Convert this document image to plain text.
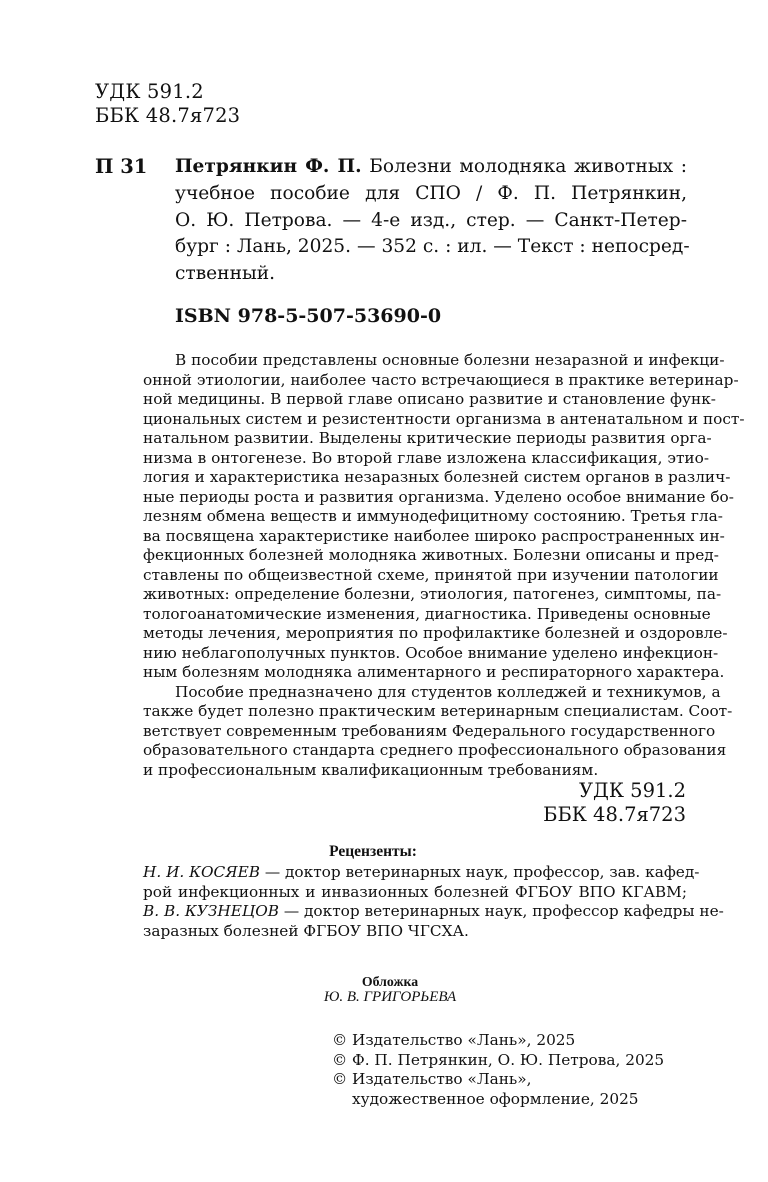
УДК 591.2
ББК 48.7я723
П 31 Петрянкин Ф. П. Болезни молодняка животных :
учебное пособие для СПО / Ф. П. Петрянкин,
О. Ю. Петрова. — 4-е изд., стер. — Санкт-Петер-
бург : Лань, 2025. — 352 с. : ил. — Текст : непосред-
ственный.
ISBN 978-5-507-53690-0
В пособии представлены основные болезни незаразной и инфекци-
онной этиологии, наиболее часто встречающиеся в практике ветеринар-
ной медицины. В первой главе описано развитие и становление функ-
циональных систем и резистентности организма в антенатальном и пост-
натальном развитии. Выделены критические периоды развития орга-
низма в онтогенезе. Во второй главе изложена классификация, этио-
логия и характеристика незаразных болезней систем органов в различ-
ные периоды роста и развития организма. Уделено особое внимание бо-
лезням обмена веществ и иммунодефицитному состоянию. Третья гла-
ва посвящена характеристике наиболее широко распространенных ин-
фекционных болезней молодняка животных. Болезни описаны и пред-
ставлены по общеизвестной схеме, принятой при изучении патологии
животных: определение болезни, этиология, патогенез, симптомы, па-
тологоанатомические изменения, диагностика. Приведены основные
методы лечения, мероприятия по профилактике болезней и оздоровле-
нию неблагополучных пунктов. Особое внимание уделено инфекцион-
ным болезням молодняка алиментарного и респираторного характера.
Пособие предназначено для студентов колледжей и техникумов, а
также будет полезно практическим ветеринарным специалистам. Соот-
ветствует современным требованиям Федерального государственного
образовательного стандарта среднего профессионального образования
и профессиональным квалификационным требованиям.
УДК 591.2
ББК 48.7я723
Рецензенты:
Н. И. КОСЯЕВ — доктор ветеринарных наук, профессор, зав. кафед-
рой инфекционных и инвазионных болезней ФГБОУ ВПО КГАВМ;
В. В. КУЗНЕЦОВ — доктор ветеринарных наук, профессор кафедры не-
заразных болезней ФГБОУ ВПО ЧГСХА.
Обложка
Ю. В. ГРИГОРЬЕВА
© Издательство «Лань», 2025
© Ф. П. Петрянкин, О. Ю. Петрова, 2025
© Издательство «Лань»,
художественное оформление, 2025
